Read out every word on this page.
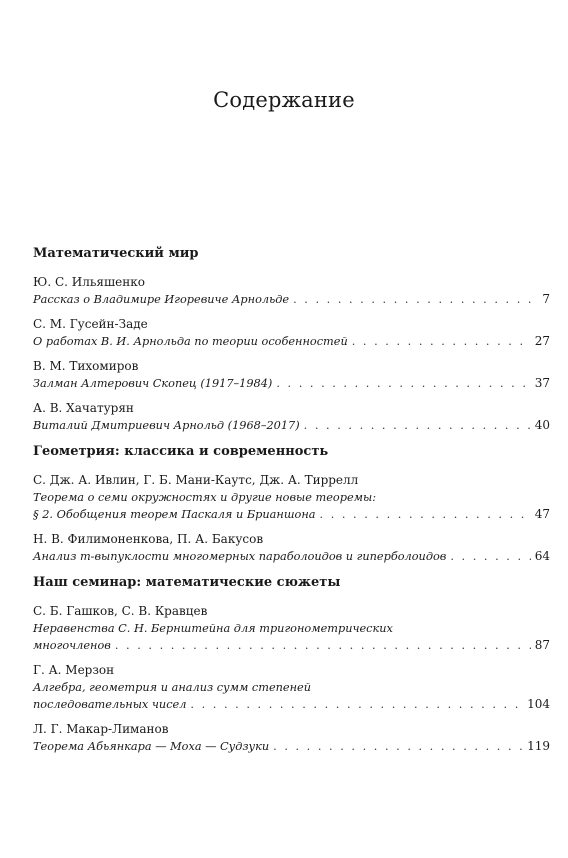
Содержание
Математический мир
Ю. С. Ильяшенко
Рассказ о Владимире Игоревиче Арнольде . . .	7
С. М. Гусейн-Заде
О работах В. И. Арнольда по теории особенностей . . .	27
В. М. Тихомиров
Залман Алтерович Скопец (1917–1984) . . .	37
А. В. Хачатурян
Виталий Дмитриевич Арнольд (1968–2017) . . .	40
Геометрия: классика и современность
С. Дж. А. Ивлин, Г. Б. Мани-Каутс, Дж. А. Тиррелл
Теорема о семи окружностях и другие новые теоремы:
§ 2. Обобщения теорем Паскаля и Брианшона . . .	47
Н. В. Филимоненкова, П. А. Бакусов
Анализ m-выпуклости многомерных параболоидов и гиперболоидов . . .	64
Наш семинар: математические сюжеты
С. Б. Гашков, С. В. Кравцев
Неравенства С. Н. Бернштейна для тригонометрических
многочленов . . .	87
Г. А. Мерзон
Алгебра, геометрия и анализ сумм степеней
последовательных чисел . . .	104
Л. Г. Макар-Лиманов
Теорема Абьянкара — Моха — Судзуки . . .	119
